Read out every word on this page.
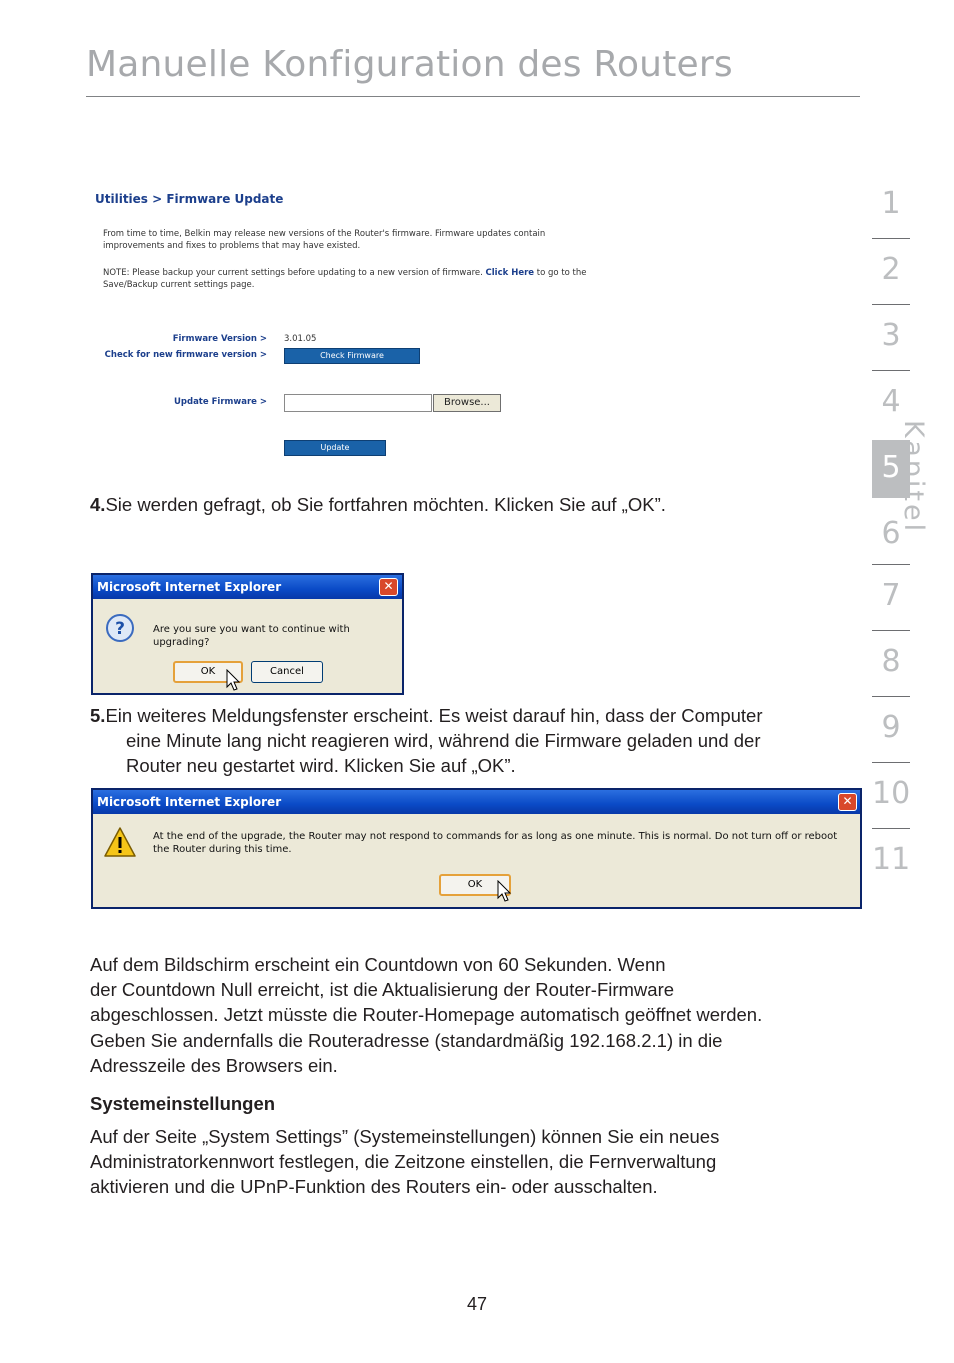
Manuelle Konfiguration des Routers
1
2
3
4
5
6
7
8
9
10
11
Kapitel
Utilities > Firmware Update
From time to time, Belkin may release new versions of the Router's firmware. Firmware updates contain improvements and fixes to problems that may have existed.
NOTE: Please backup your current settings before updating to a new version of firmware. Click Here to go to the Save/Backup current settings page.
Firmware Version > 3.01.05
Check for new firmware version >	Check Firmware
Update Firmware >	Browse...
Update
4.Sie werden gefragt, ob Sie fortfahren möchten. Klicken Sie auf „OK”.
Microsoft Internet Explorer	✕
?	Are you sure you want to continue with upgrading?
OK	Cancel
5.Ein weiteres Meldungsfenster erscheint. Es weist darauf hin, dass der Computer
eine Minute lang nicht reagieren wird, während die Firmware geladen und der
Router neu gestartet wird. Klicken Sie auf „OK”.
Microsoft Internet Explorer	✕
At the end of the upgrade, the Router may not respond to commands for as long as one minute. This is normal. Do not turn off or reboot the Router during this time.
OK
Auf dem Bildschirm erscheint ein Countdown von 60 Sekunden. Wenn
der Countdown Null erreicht, ist die Aktualisierung der Router-Firmware
abgeschlossen. Jetzt müsste die Router-Homepage automatisch geöffnet werden.
Geben Sie andernfalls die Routeradresse (standardmäßig 192.168.2.1) in die
Adresszeile des Browsers ein.
Systemeinstellungen
Auf der Seite „System Settings” (Systemeinstellungen) können Sie ein neues
Administratorkennwort festlegen, die Zeitzone einstellen, die Fernverwaltung
aktivieren und die UPnP-Funktion des Routers ein- oder ausschalten.
47
